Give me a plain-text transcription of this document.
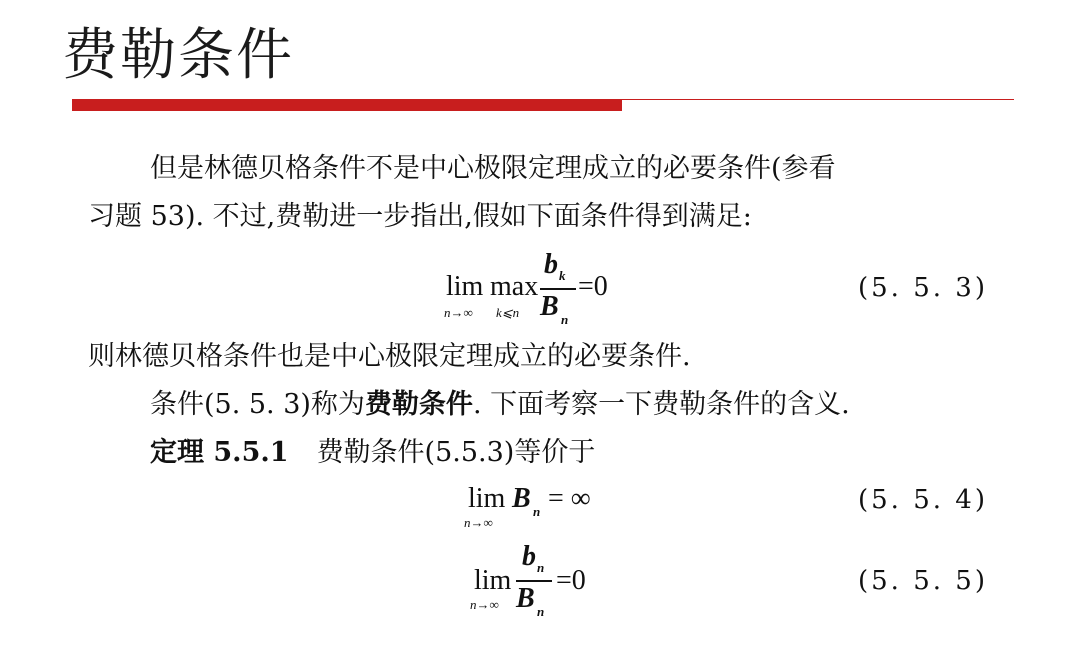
费勒条件
但是林德贝格条件不是中心极限定理成立的必要条件(参看
习题 53). 不过,费勒进一步指出,假如下面条件得到满足:
lim
n→∞
max
k⩽n
b k
B n
=0	(5. 5. 3)
则林德贝格条件也是中心极限定理成立的必要条件.
条件(5. 5. 3)称为费勒条件. 下面考察一下费勒条件的含义.
定理 5.5.1 费勒条件(5.5.3)等价于
lim
n→∞
B n = ∞	(5. 5. 4)
lim
n→∞
b n
B n
=0	(5. 5. 5)
